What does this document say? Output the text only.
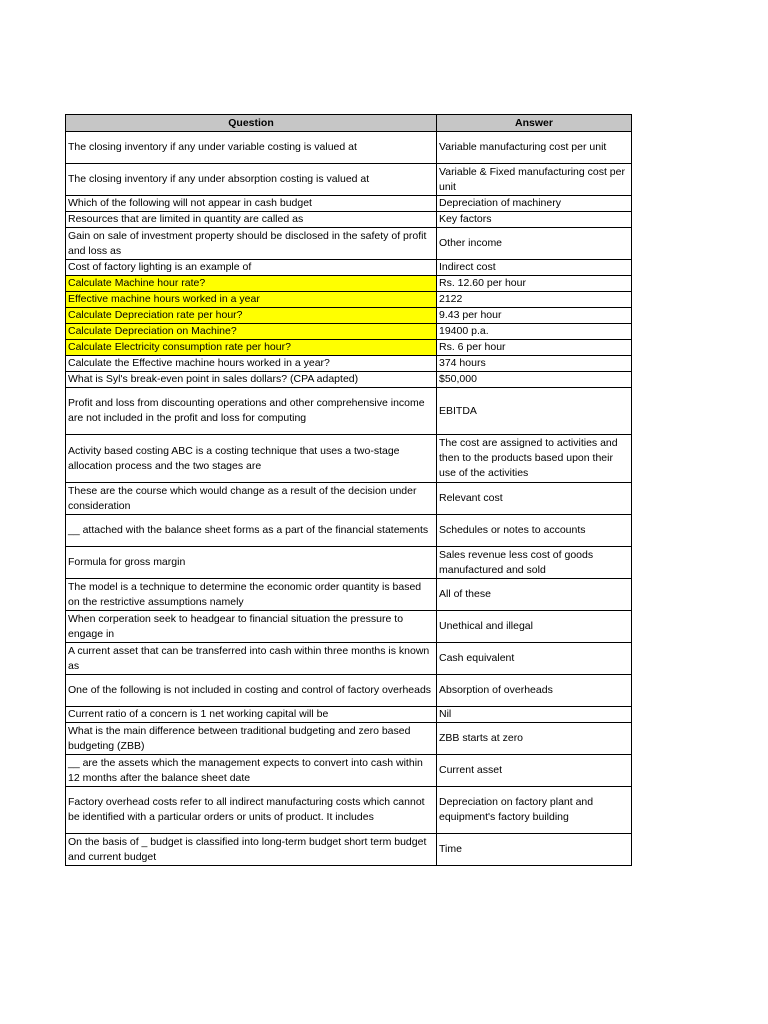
Question	Answer
The closing inventory if any under variable costing is valued at	Variable manufacturing cost per unit
The closing inventory if any under absorption costing is valued at	Variable & Fixed manufacturing cost per unit
Which of the following will not appear in cash budget	Depreciation of machinery
Resources that are limited in quantity are called as	Key factors
Gain on sale of investment property should be disclosed in the safety of profit and loss as	Other income
Cost of factory lighting is an example of	Indirect cost
Calculate Machine hour rate?	Rs. 12.60 per hour
Effective machine hours worked in a year	2122
Calculate Depreciation rate per hour?	9.43 per hour
Calculate Depreciation on Machine?	19400 p.a.
Calculate Electricity consumption rate per hour?	Rs. 6 per hour
Calculate the Effective machine hours worked in a year?	374 hours
What is Syl's break-even point in sales dollars? (CPA adapted)	$50,000
Profit and loss from discounting operations and other comprehensive income are not included in the profit and loss for computing	EBITDA
Activity based costing ABC is a costing technique that uses a two-stage allocation process and the two stages are	The cost are assigned to activities and then to the products based upon their use of the activities
These are the course which would change as a result of the decision under consideration	Relevant cost
__ attached with the balance sheet forms as a part of the financial statements	Schedules or notes to accounts
Formula for gross margin	Sales revenue less cost of goods manufactured and sold
The model is a technique to determine the economic order quantity is based on the restrictive assumptions namely	All of these
When corperation seek to headgear to financial situation the pressure to engage in	Unethical and illegal
A current asset that can be transferred into cash within three months is known as	Cash equivalent
One of the following is not included in costing and control of factory overheads	Absorption of overheads
Current ratio of a concern is 1 net working capital will be	Nil
What is the main difference between traditional budgeting and zero based budgeting (ZBB)	ZBB starts at zero
__ are the assets which the management expects to convert into cash within 12 months after the balance sheet date	Current asset
Factory overhead costs refer to all indirect manufacturing costs which cannot be identified with a particular orders or units of product. It includes	Depreciation on factory plant and equipment's factory building
On the basis of _ budget is classified into long-term budget short term budget and current budget	Time
